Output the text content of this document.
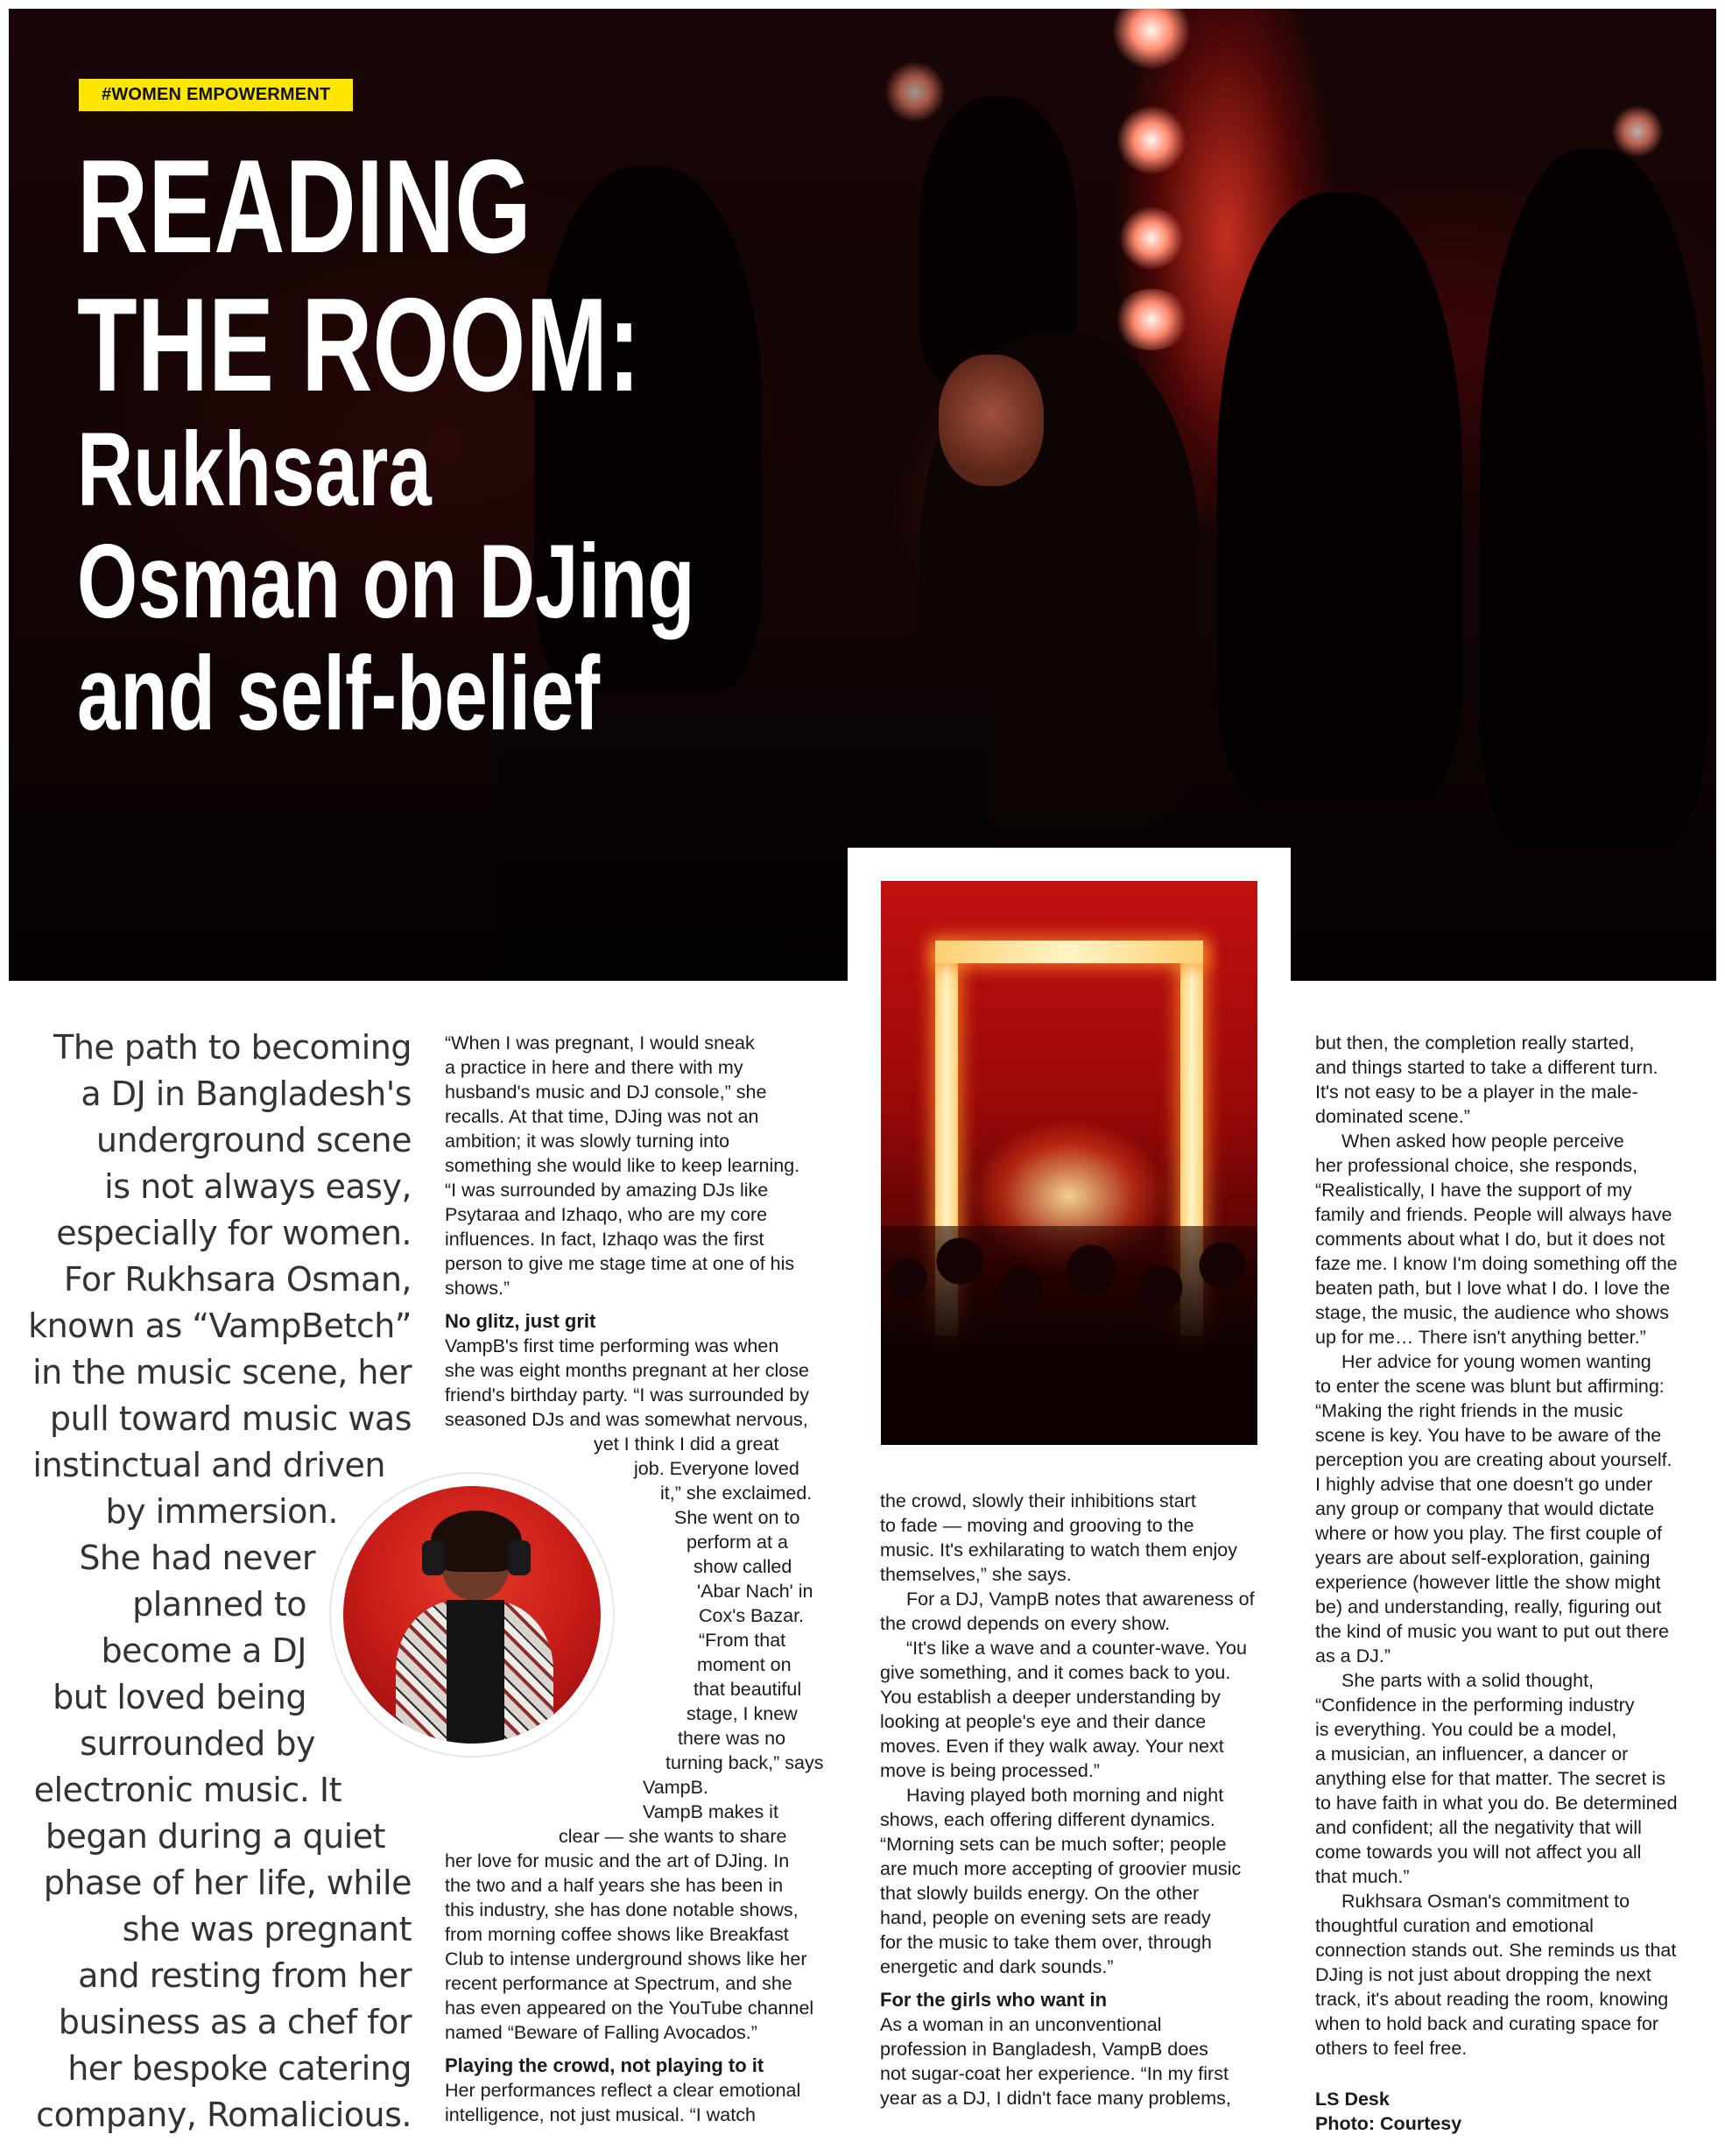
#WOMEN EMPOWERMENT
READING
THE ROOM:
Rukhsara
Osman on DJing
and self-belief

The path to becoming
a DJ in Bangladesh's
underground scene
is not always easy,
especially for women.
For Rukhsara Osman,
known as “VampBetch”
in the music scene, her
pull toward music was
instinctual and driven
by immersion.
She had never
planned to
become a DJ
but loved being
surrounded by
electronic music. It
began during a quiet
phase of her life, while
she was pregnant
and resting from her
business as a chef for
her bespoke catering
company, Romalicious.

“When I was pregnant, I would sneak
a practice in here and there with my
husband's music and DJ console,” she
recalls. At that time, DJing was not an
ambition; it was slowly turning into
something she would like to keep learning.
“I was surrounded by amazing DJs like
Psytaraa and Izhaqo, who are my core
influences. In fact, Izhaqo was the first
person to give me stage time at one of his
shows.”

No glitz, just grit

VampB's first time performing was when
she was eight months pregnant at her close
friend's birthday party. “I was surrounded by
seasoned DJs and was somewhat nervous,
yet I think I did a great
job. Everyone loved
it,” she exclaimed.
She went on to
perform at a
show called
'Abar Nach' in
Cox's Bazar.
“From that
moment on
that beautiful
stage, I knew
there was no
turning back,” says
VampB.
VampB makes it
clear — she wants to share

her love for music and the art of DJing. In
the two and a half years she has been in
this industry, she has done notable shows,
from morning coffee shows like Breakfast
Club to intense underground shows like her
recent performance at Spectrum, and she
has even appeared on the YouTube channel
named “Beware of Falling Avocados.”

Playing the crowd, not playing to it

Her performances reflect a clear emotional
intelligence, not just musical. “I watch

the crowd, slowly their inhibitions start
to fade — moving and grooving to the
music. It's exhilarating to watch them enjoy
themselves,” she says.

For a DJ, VampB notes that awareness of
the crowd depends on every show.

“It's like a wave and a counter-wave. You
give something, and it comes back to you.
You establish a deeper understanding by
looking at people's eye and their dance
moves. Even if they walk away. Your next
move is being processed.”

Having played both morning and night
shows, each offering different dynamics.
“Morning sets can be much softer; people
are much more accepting of groovier music
that slowly builds energy. On the other
hand, people on evening sets are ready
for the music to take them over, through
energetic and dark sounds.”

For the girls who want in

As a woman in an unconventional
profession in Bangladesh, VampB does
not sugar-coat her experience. “In my first
year as a DJ, I didn't face many problems,

but then, the completion really started,
and things started to take a different turn.
It's not easy to be a player in the male-
dominated scene.”

When asked how people perceive
her professional choice, she responds,
“Realistically, I have the support of my
family and friends. People will always have
comments about what I do, but it does not
faze me. I know I'm doing something off the
beaten path, but I love what I do. I love the
stage, the music, the audience who shows
up for me… There isn't anything better.”

Her advice for young women wanting
to enter the scene was blunt but affirming:
“Making the right friends in the music
scene is key. You have to be aware of the
perception you are creating about yourself.
I highly advise that one doesn't go under
any group or company that would dictate
where or how you play. The first couple of
years are about self-exploration, gaining
experience (however little the show might
be) and understanding, really, figuring out
the kind of music you want to put out there
as a DJ.”

She parts with a solid thought,
“Confidence in the performing industry
is everything. You could be a model,
a musician, an influencer, a dancer or
anything else for that matter. The secret is
to have faith in what you do. Be determined
and confident; all the negativity that will
come towards you will not affect you all
that much.”

Rukhsara Osman's commitment to
thoughtful curation and emotional
connection stands out. She reminds us that
DJing is not just about dropping the next
track, it's about reading the room, knowing
when to hold back and curating space for
others to feel free.

LS Desk
Photo: Courtesy
